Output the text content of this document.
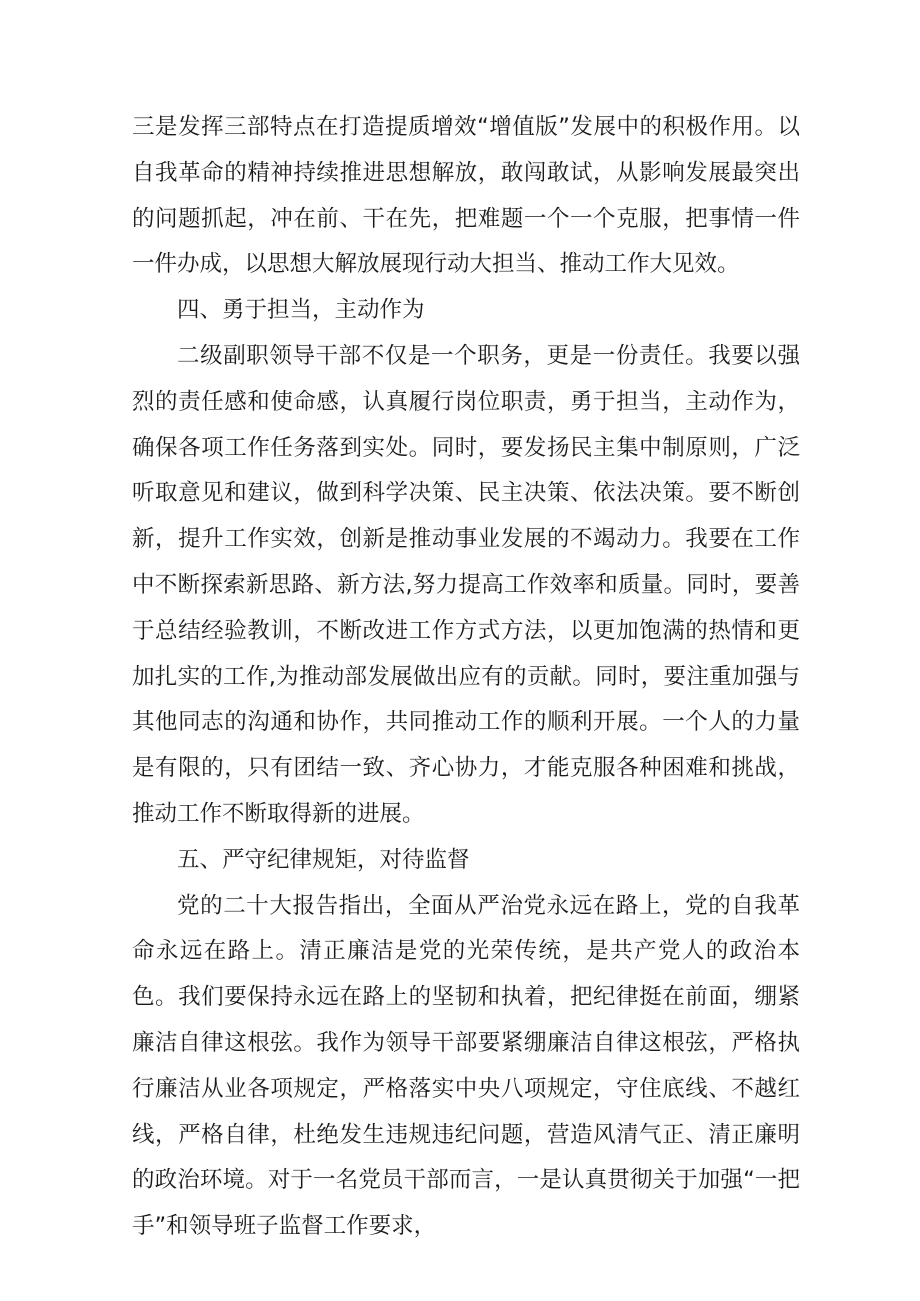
三是发挥三部特点在打造提质增效“增值版”发展中的积极作用。以自我革命的精神持续推进思想解放，敢闯敢试，从影响发展最突出的问题抓起，冲在前、干在先，把难题一个一个克服，把事情一件一件办成，以思想大解放展现行动大担当、推动工作大见效。

四、勇于担当，主动作为

二级副职领导干部不仅是一个职务，更是一份责任。我要以强烈的责任感和使命感，认真履行岗位职责，勇于担当，主动作为，确保各项工作任务落到实处。同时，要发扬民主集中制原则，广泛听取意见和建议，做到科学决策、民主决策、依法决策。要不断创新，提升工作实效，创新是推动事业发展的不竭动力。我要在工作中不断探索新思路、新方法,努力提高工作效率和质量。同时，要善于总结经验教训，不断改进工作方式方法，以更加饱满的热情和更加扎实的工作,为推动部发展做出应有的贡献。同时，要注重加强与其他同志的沟通和协作，共同推动工作的顺利开展。一个人的力量是有限的，只有团结一致、齐心协力，才能克服各种困难和挑战，推动工作不断取得新的进展。

五、严守纪律规矩，对待监督

党的二十大报告指出，全面从严治党永远在路上，党的自我革命永远在路上。清正廉洁是党的光荣传统，是共产党人的政治本色。我们要保持永远在路上的坚韧和执着，把纪律挺在前面，绷紧廉洁自律这根弦。我作为领导干部要紧绷廉洁自律这根弦，严格执行廉洁从业各项规定，严格落实中央八项规定，守住底线、不越红线，严格自律，杜绝发生违规违纪问题，营造风清气正、清正廉明的政治环境。对于一名党员干部而言，一是认真贯彻关于加强“一把手”和领导班子监督工作要求，
